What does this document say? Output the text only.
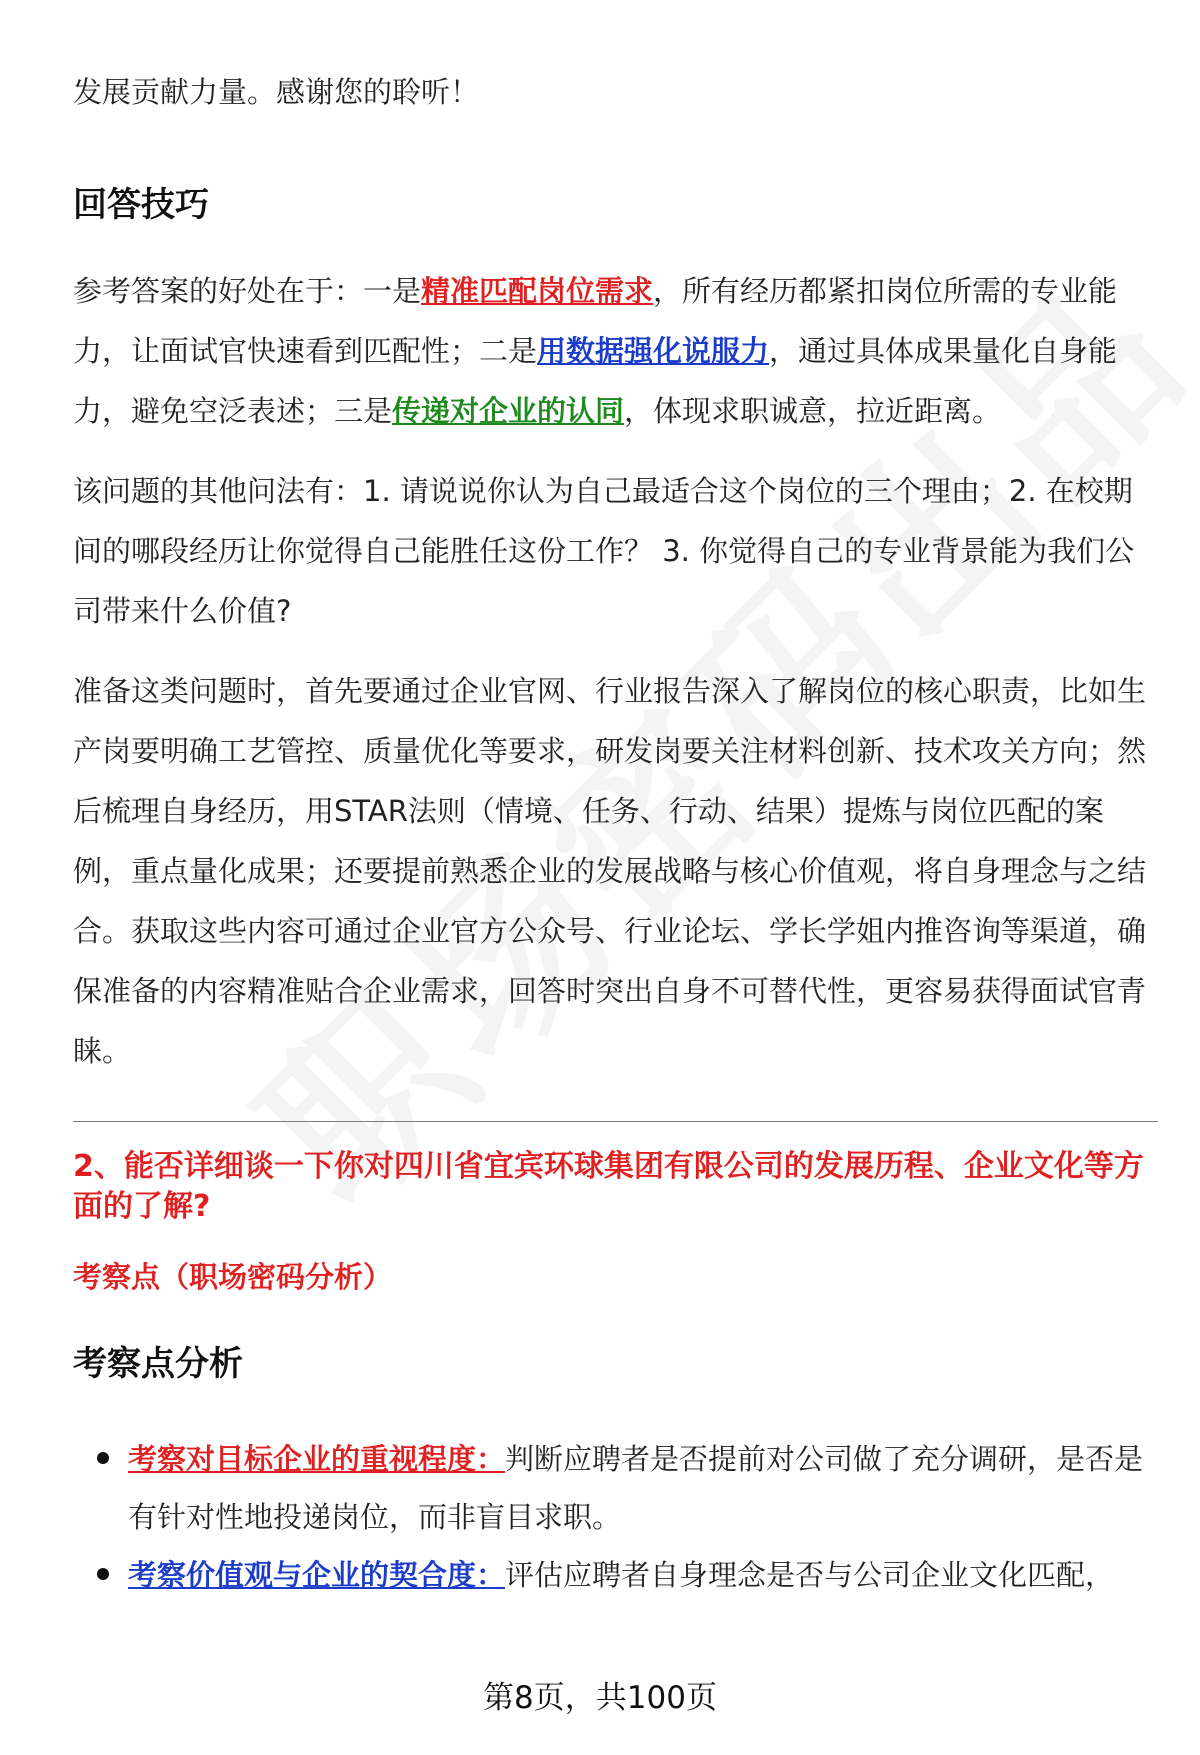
发展贡献力量。感谢您的聆听！

回答技巧

参考答案的好处在于：一是精准匹配岗位需求，所有经历都紧扣岗位所需的专业能力，让面试官快速看到匹配性；二是用数据强化说服力，通过具体成果量化自身能力，避免空泛表述；三是传递对企业的认同，体现求职诚意，拉近距离。

该问题的其他问法有：1. 请说说你认为自己最适合这个岗位的三个理由；2. 在校期间的哪段经历让你觉得自己能胜任这份工作？ 3. 你觉得自己的专业背景能为我们公司带来什么价值?

准备这类问题时，首先要通过企业官网、行业报告深入了解岗位的核心职责，比如生产岗要明确工艺管控、质量优化等要求，研发岗要关注材料创新、技术攻关方向；然后梳理自身经历，用STAR法则（情境、任务、行动、结果）提炼与岗位匹配的案例，重点量化成果；还要提前熟悉企业的发展战略与核心价值观，将自身理念与之结合。获取这些内容可通过企业官方公众号、行业论坛、学长学姐内推咨询等渠道，确保准备的内容精准贴合企业需求，回答时突出自身不可替代性，更容易获得面试官青睐。

2、能否详细谈一下你对四川省宜宾环球集团有限公司的发展历程、企业文化等方面的了解?

考察点（职场密码分析）

考察点分析

考察对目标企业的重视程度：判断应聘者是否提前对公司做了充分调研，是否是有针对性地投递岗位，而非盲目求职。
考察价值观与企业的契合度：评估应聘者自身理念是否与公司企业文化匹配，
第8页，共100页
